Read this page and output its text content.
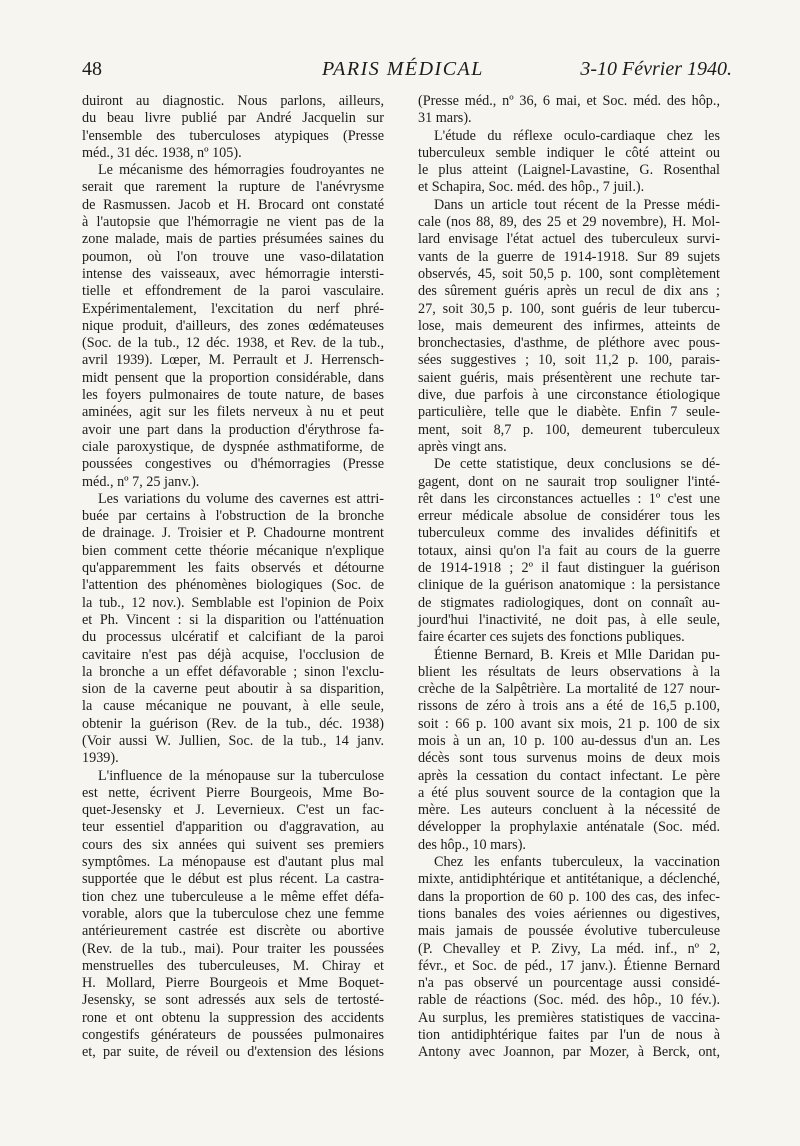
48	PARIS MÉDICAL	3-10 Février 1940.
duiront au diagnostic. Nous parlons, ailleurs,
du beau livre publié par André Jacquelin sur
l'ensemble des tuberculoses atypiques (Presse
méd., 31 déc. 1938, nº 105).
Le mécanisme des hémorragies foudroyantes ne
serait que rarement la rupture de l'anévrysme
de Rasmussen. Jacob et H. Brocard ont constaté
à l'autopsie que l'hémorragie ne vient pas de la
zone malade, mais de parties présumées saines du
poumon, où l'on trouve une vaso-dilatation
intense des vaisseaux, avec hémorragie intersti-
tielle et effondrement de la paroi vasculaire.
Expérimentalement, l'excitation du nerf phré-
nique produit, d'ailleurs, des zones œdémateuses
(Soc. de la tub., 12 déc. 1938, et Rev. de la tub.,
avril 1939). Lœper, M. Perrault et J. Herrensch-
midt pensent que la proportion considérable, dans
les foyers pulmonaires de toute nature, de bases
aminées, agit sur les filets nerveux à nu et peut
avoir une part dans la production d'érythrose fa-
ciale paroxystique, de dyspnée asthmatiforme, de
poussées congestives ou d'hémorragies (Presse
méd., nº 7, 25 janv.).
Les variations du volume des cavernes est attri-
buée par certains à l'obstruction de la bronche
de drainage. J. Troisier et P. Chadourne montrent
bien comment cette théorie mécanique n'explique
qu'apparemment les faits observés et détourne
l'attention des phénomènes biologiques (Soc. de
la tub., 12 nov.). Semblable est l'opinion de Poix
et Ph. Vincent : si la disparition ou l'atténuation
du processus ulcératif et calcifiant de la paroi
cavitaire n'est pas déjà acquise, l'occlusion de
la bronche a un effet défavorable ; sinon l'exclu-
sion de la caverne peut aboutir à sa disparition,
la cause mécanique ne pouvant, à elle seule,
obtenir la guérison (Rev. de la tub., déc. 1938)
(Voir aussi W. Jullien, Soc. de la tub., 14 janv.
1939).
L'influence de la ménopause sur la tuberculose
est nette, écrivent Pierre Bourgeois, Mme Bo-
quet-Jesensky et J. Levernieux. C'est un fac-
teur essentiel d'apparition ou d'aggravation, au
cours des six années qui suivent ses premiers
symptômes. La ménopause est d'autant plus mal
supportée que le début est plus récent. La castra-
tion chez une tuberculeuse a le même effet défa-
vorable, alors que la tuberculose chez une femme
antérieurement castrée est discrète ou abortive
(Rev. de la tub., mai). Pour traiter les poussées
menstruelles des tuberculeuses, M. Chiray et
H. Mollard, Pierre Bourgeois et Mme Boquet-
Jesensky, se sont adressés aux sels de tertosté-
rone et ont obtenu la suppression des accidents
congestifs générateurs de poussées pulmonaires
et, par suite, de réveil ou d'extension des lésions
(Presse méd., nº 36, 6 mai, et Soc. méd. des hôp.,
31 mars).
L'étude du réflexe oculo-cardiaque chez les
tuberculeux semble indiquer le côté atteint ou
le plus atteint (Laignel-Lavastine, G. Rosenthal
et Schapira, Soc. méd. des hôp., 7 juil.).
Dans un article tout récent de la Presse médi-
cale (nos 88, 89, des 25 et 29 novembre), H. Mol-
lard envisage l'état actuel des tuberculeux survi-
vants de la guerre de 1914-1918. Sur 89 sujets
observés, 45, soit 50,5 p. 100, sont complètement
des sûrement guéris après un recul de dix ans ;
27, soit 30,5 p. 100, sont guéris de leur tubercu-
lose, mais demeurent des infirmes, atteints de
bronchectasies, d'asthme, de pléthore avec pous-
sées suggestives ; 10, soit 11,2 p. 100, parais-
saient guéris, mais présentèrent une rechute tar-
dive, due parfois à une circonstance étiologique
particulière, telle que le diabète. Enfin 7 seule-
ment, soit 8,7 p. 100, demeurent tuberculeux
après vingt ans.
De cette statistique, deux conclusions se dé-
gagent, dont on ne saurait trop souligner l'inté-
rêt dans les circonstances actuelles : 1º c'est une
erreur médicale absolue de considérer tous les
tuberculeux comme des invalides définitifs et
totaux, ainsi qu'on l'a fait au cours de la guerre
de 1914-1918 ; 2º il faut distinguer la guérison
clinique de la guérison anatomique : la persistance
de stigmates radiologiques, dont on connaît au-
jourd'hui l'inactivité, ne doit pas, à elle seule,
faire écarter ces sujets des fonctions publiques.
Étienne Bernard, B. Kreis et Mlle Daridan pu-
blient les résultats de leurs observations à la
crèche de la Salpêtrière. La mortalité de 127 nour-
rissons de zéro à trois ans a été de 16,5 p.100,
soit : 66 p. 100 avant six mois, 21 p. 100 de six
mois à un an, 10 p. 100 au-dessus d'un an. Les
décès sont tous survenus moins de deux mois
après la cessation du contact infectant. Le père
a été plus souvent source de la contagion que la
mère. Les auteurs concluent à la nécessité de
développer la prophylaxie anténatale (Soc. méd.
des hôp., 10 mars).
Chez les enfants tuberculeux, la vaccination
mixte, antidiphtérique et antitétanique, a déclenché,
dans la proportion de 60 p. 100 des cas, des infec-
tions banales des voies aériennes ou digestives,
mais jamais de poussée évolutive tuberculeuse
(P. Chevalley et P. Zivy, La méd. inf., nº 2,
févr., et Soc. de péd., 17 janv.). Étienne Bernard
n'a pas observé un pourcentage aussi considé-
rable de réactions (Soc. méd. des hôp., 10 fév.).
Au surplus, les premières statistiques de vaccina-
tion antidiphtérique faites par l'un de nous à
Antony avec Joannon, par Mozer, à Berck, ont,
